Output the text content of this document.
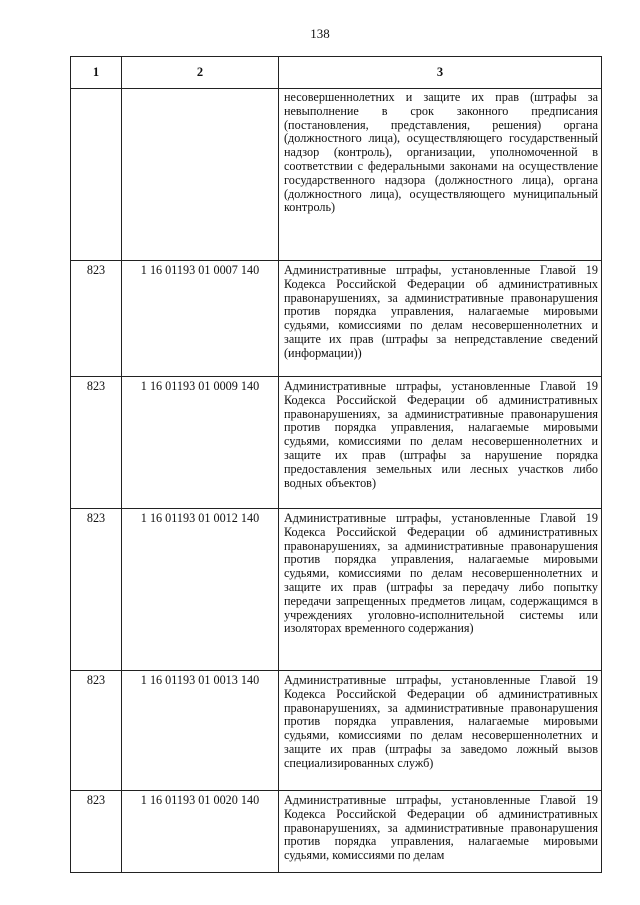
138
1	2	3
		несовершеннолетних и защите их прав (штрафы за невыполнение в срок законного предписания (постановления, представления, решения) органа (должностного лица), осуществляющего государственный надзор (контроль), организации, уполномоченной в соответствии с федеральными законами на осуществление государственного надзора (должностного лица), органа (должностного лица), осуществляющего муниципальный контроль)
823	1 16 01193 01 0007 140	Административные штрафы, установленные Главой 19 Кодекса Российской Федерации об административных правонарушениях, за административные правонарушения против порядка управления, налагаемые мировыми судьями, комиссиями по делам несовершеннолетних и защите их прав (штрафы за непредставление сведений (информации))
823	1 16 01193 01 0009 140	Административные штрафы, установленные Главой 19 Кодекса Российской Федерации об административных правонарушениях, за административные правонарушения против порядка управления, налагаемые мировыми судьями, комиссиями по делам несовершеннолетних и защите их прав (штрафы за нарушение порядка предоставления земельных или лесных участков либо водных объектов)
823	1 16 01193 01 0012 140	Административные штрафы, установленные Главой 19 Кодекса Российской Федерации об административных правонарушениях, за административные правонарушения против порядка управления, налагаемые мировыми судьями, комиссиями по делам несовершеннолетних и защите их прав (штрафы за передачу либо попытку передачи запрещенных предметов лицам, содержащимся в учреждениях уголовно-исполнительной системы или изоляторах временного содержания)
823	1 16 01193 01 0013 140	Административные штрафы, установленные Главой 19 Кодекса Российской Федерации об административных правонарушениях, за административные правонарушения против порядка управления, налагаемые мировыми судьями, комиссиями по делам несовершеннолетних и защите их прав (штрафы за заведомо ложный вызов специализированных служб)
823	1 16 01193 01 0020 140	Административные штрафы, установленные Главой 19 Кодекса Российской Федерации об административных правонарушениях, за административные правонарушения против порядка управления, налагаемые мировыми судьями, комиссиями по делам
